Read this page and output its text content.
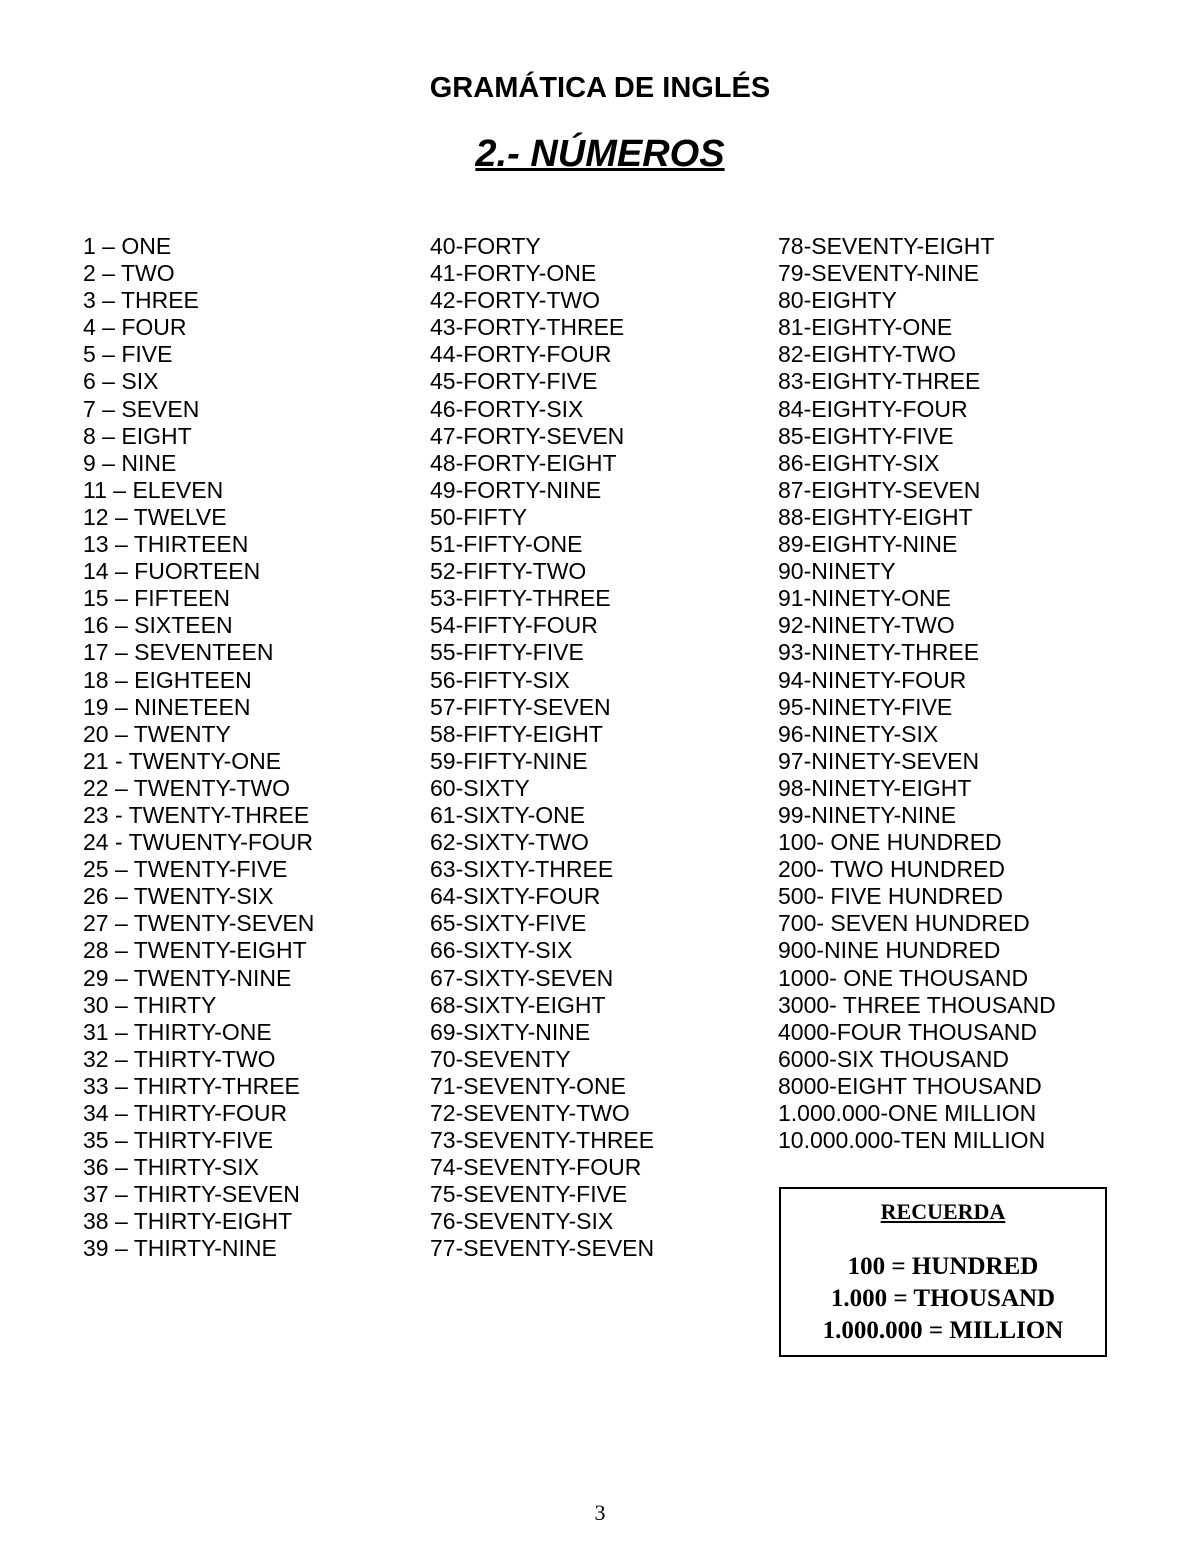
GRAMÁTICA DE INGLÉS
2.- NÚMEROS
1 – ONE
2 – TWO
3 – THREE
4 – FOUR
5 – FIVE
6 – SIX
7 – SEVEN
8 – EIGHT
9 – NINE
11 – ELEVEN
12 – TWELVE
13 – THIRTEEN
14 – FUORTEEN
15 – FIFTEEN
16 – SIXTEEN
17 – SEVENTEEN
18 – EIGHTEEN
19 – NINETEEN
20 – TWENTY
21 - TWENTY-ONE
22 – TWENTY-TWO
23 - TWENTY-THREE
24 - TWUENTY-FOUR
25 – TWENTY-FIVE
26 – TWENTY-SIX
27 – TWENTY-SEVEN
28 – TWENTY-EIGHT
29 – TWENTY-NINE
30 – THIRTY
31 – THIRTY-ONE
32 – THIRTY-TWO
33 – THIRTY-THREE
34 – THIRTY-FOUR
35 – THIRTY-FIVE
36 – THIRTY-SIX
37 – THIRTY-SEVEN
38 – THIRTY-EIGHT
39 – THIRTY-NINE
40-FORTY
41-FORTY-ONE
42-FORTY-TWO
43-FORTY-THREE
44-FORTY-FOUR
45-FORTY-FIVE
46-FORTY-SIX
47-FORTY-SEVEN
48-FORTY-EIGHT
49-FORTY-NINE
50-FIFTY
51-FIFTY-ONE
52-FIFTY-TWO
53-FIFTY-THREE
54-FIFTY-FOUR
55-FIFTY-FIVE
56-FIFTY-SIX
57-FIFTY-SEVEN
58-FIFTY-EIGHT
59-FIFTY-NINE
60-SIXTY
61-SIXTY-ONE
62-SIXTY-TWO
63-SIXTY-THREE
64-SIXTY-FOUR
65-SIXTY-FIVE
66-SIXTY-SIX
67-SIXTY-SEVEN
68-SIXTY-EIGHT
69-SIXTY-NINE
70-SEVENTY
71-SEVENTY-ONE
72-SEVENTY-TWO
73-SEVENTY-THREE
74-SEVENTY-FOUR
75-SEVENTY-FIVE
76-SEVENTY-SIX
77-SEVENTY-SEVEN
78-SEVENTY-EIGHT
79-SEVENTY-NINE
80-EIGHTY
81-EIGHTY-ONE
82-EIGHTY-TWO
83-EIGHTY-THREE
84-EIGHTY-FOUR
85-EIGHTY-FIVE
86-EIGHTY-SIX
87-EIGHTY-SEVEN
88-EIGHTY-EIGHT
89-EIGHTY-NINE
90-NINETY
91-NINETY-ONE
92-NINETY-TWO
93-NINETY-THREE
94-NINETY-FOUR
95-NINETY-FIVE
96-NINETY-SIX
97-NINETY-SEVEN
98-NINETY-EIGHT
99-NINETY-NINE
100- ONE HUNDRED
200- TWO HUNDRED
500- FIVE HUNDRED
700- SEVEN HUNDRED
900-NINE HUNDRED
1000- ONE THOUSAND
3000- THREE THOUSAND
4000-FOUR THOUSAND
6000-SIX THOUSAND
8000-EIGHT THOUSAND
1.000.000-ONE MILLION
10.000.000-TEN MILLION
RECUERDA
100 = HUNDRED
1.000 = THOUSAND
1.000.000 = MILLION
3
